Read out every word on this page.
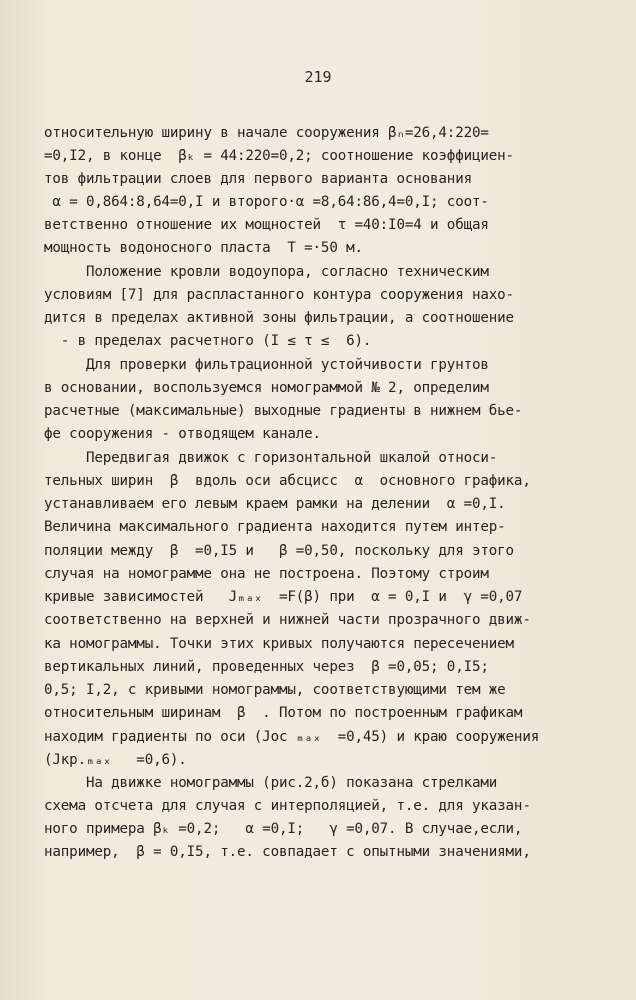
219
относительную ширину в начале сооружения βₙ=26,4:220=
=0,I2, в конце  βₖ = 44:220=0,2; соотношение коэффициен-
тов фильтрации слоев для первого варианта основания
α = 0,864:8,64=0,I и второго·α =8,64:86,4=0,I; соот-
ветственно отношение их мощностей  τ =40:I0=4 и общая
мощность водоносного пласта  T =·50 м.
Положение кровли водоупора, согласно техническим
условиям [7] для распластанного контура сооружения нахо-
дится в пределах активной зоны фильтрации, а соотношение
- в пределах расчетного (I ≤ τ ≤  6).
Для проверки фильтрационной устойчивости грунтов
в основании, воспользуемся номограммой № 2, определим
расчетные (максимальные) выходные градиенты в нижнем бье-
фе сооружения - отводящем канале.
Передвигая движок с горизонтальной шкалой относи-
тельных ширин  β  вдоль оси абсцисс  α  основного графика,
устанавливаем его левым краем рамки на делении  α =0,I.
Величина максимального градиента находится путем интер-
поляции между  β  =0,I5 и   β =0,50, поскольку для этого
случая на номограмме она не построена. Поэтому строим
кривые зависимостей   Jₘₐₓ  =F(β) при  α = 0,I и  γ =0,07
соответственно на верхней и нижней части прозрачного движ-
ка номограммы. Точки этих кривых получаются пересечением
вертикальных линий, проведенных через  β =0,05; 0,I5;
0,5; I,2, с кривыми номограммы, соответствующими тем же
относительным ширинам  β  . Потом по построенным графикам
находим градиенты по оси (Jос ₘₐₓ  =0,45) и краю сооружения
(Jкр.ₘₐₓ   =0,6).
На движке номограммы (рис.2,б) показана стрелками
схема отсчета для случая с интерполяцией, т.е. для указан-
ного примера βₖ =0,2;   α =0,I;   γ =0,07. В случае,если,
например,  β = 0,I5, т.е. совпадает с опытными значениями,
